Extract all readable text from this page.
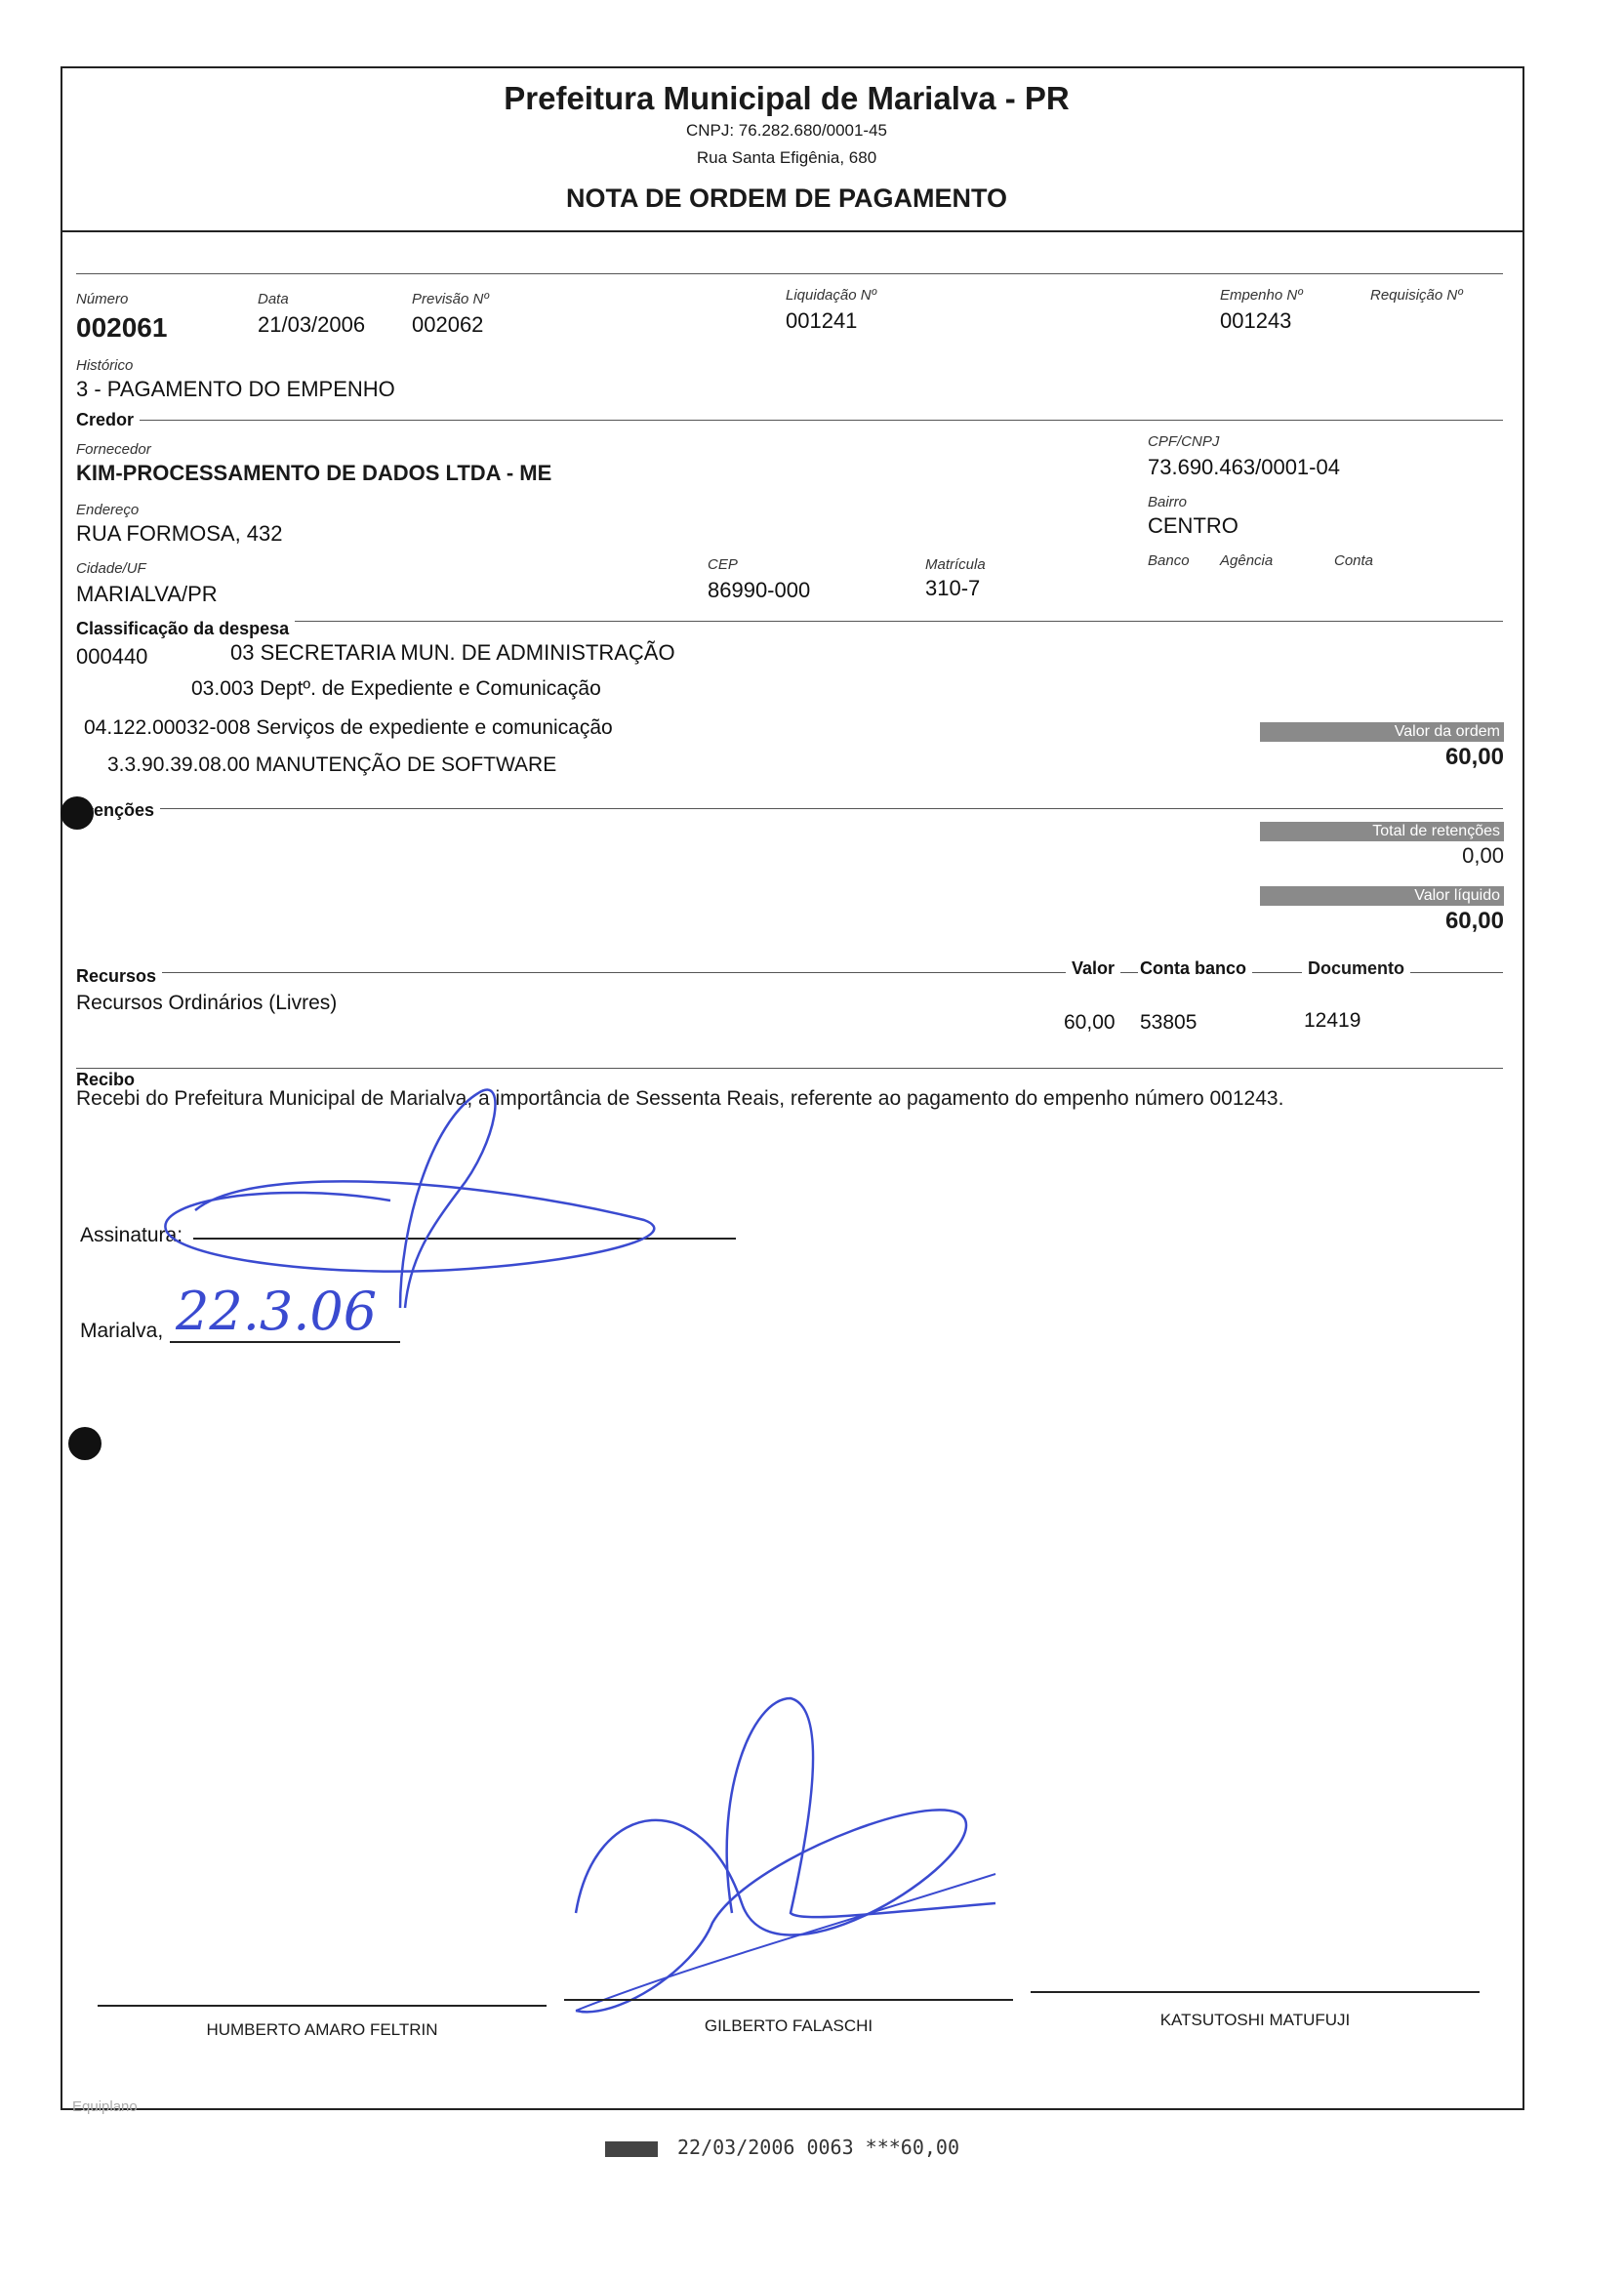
Prefeitura Municipal de Marialva - PR
CNPJ: 76.282.680/0001-45
Rua Santa Efigênia, 680
NOTA DE ORDEM DE PAGAMENTO
Número
002061
Data
21/03/2006
Previsão Nº
002062
Liquidação Nº
001241
Empenho Nº
001243
Requisição Nº
Histórico
3 - PAGAMENTO DO EMPENHO
Credor
Fornecedor
KIM-PROCESSAMENTO DE DADOS LTDA - ME
CPF/CNPJ
73.690.463/0001-04
Endereço
RUA FORMOSA, 432
Bairro
CENTRO
Cidade/UF
MARIALVA/PR
CEP
86990-000
Matrícula
310-7
Banco Agência	Conta
Classificação da despesa
000440	03 SECRETARIA MUN. DE ADMINISTRAÇÃO
03.003 Deptº. de Expediente e Comunicação
04.122.00032-008 Serviços de expediente e comunicação
3.3.90.39.08.00 MANUTENÇÃO DE SOFTWARE
Valor da ordem
60,00
enções
Total de retenções
0,00
Valor líquido
60,00
Recursos	Valor	Conta banco	Documento
Recursos Ordinários (Livres)
60,00 53805	12419
Recibo
Recebi do Prefeitura Municipal de Marialva, a importância de Sessenta Reais, referente ao pagamento do empenho número 001243.
Assinatura:
Marialva, 22.3.06
HUMBERTO AMARO FELTRIN	GILBERTO FALASCHI	KATSUTOSHI MATUFUJI
Equiplano
22/03/2006 0063 ***60,00
